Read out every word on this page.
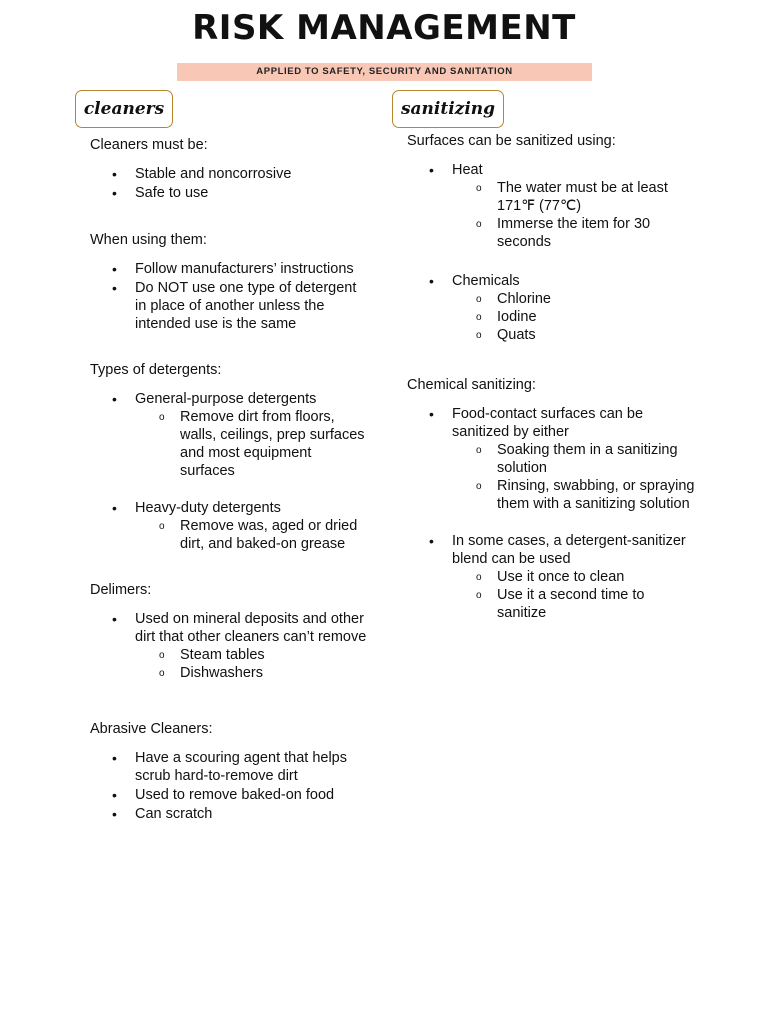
RISK MANAGEMENT
APPLIED TO SAFETY, SECURITY AND SANITATION
cleaners	sanitizing

Cleaners must be:

• Stable and noncorrosive
• Safe to use

When using them:

• Follow manufacturers’ instructions
• Do NOT use one type of detergent in place of another unless the intended use is the same

Types of detergents:

• General-purpose detergents
o Remove dirt from floors, walls, ceilings, prep surfaces and most equipment surfaces
• Heavy-duty detergents
o Remove was, aged or dried dirt, and baked-on grease

Delimers:

• Used on mineral deposits and other dirt that other cleaners can’t remove
o Steam tables
o Dishwashers

Abrasive Cleaners:

• Have a scouring agent that helps scrub hard-to-remove dirt
• Used to remove baked-on food
• Can scratch

Surfaces can be sanitized using:

• Heat
o The water must be at least 171℉ (77℃)
o Immerse the item for 30 seconds
• Chemicals
o Chlorine
o Iodine
o Quats

Chemical sanitizing:

• Food-contact surfaces can be sanitized by either
o Soaking them in a sanitizing solution
o Rinsing, swabbing, or spraying them with a sanitizing solution
• In some cases, a detergent-sanitizer blend can be used
o Use it once to clean
o Use it a second time to sanitize
